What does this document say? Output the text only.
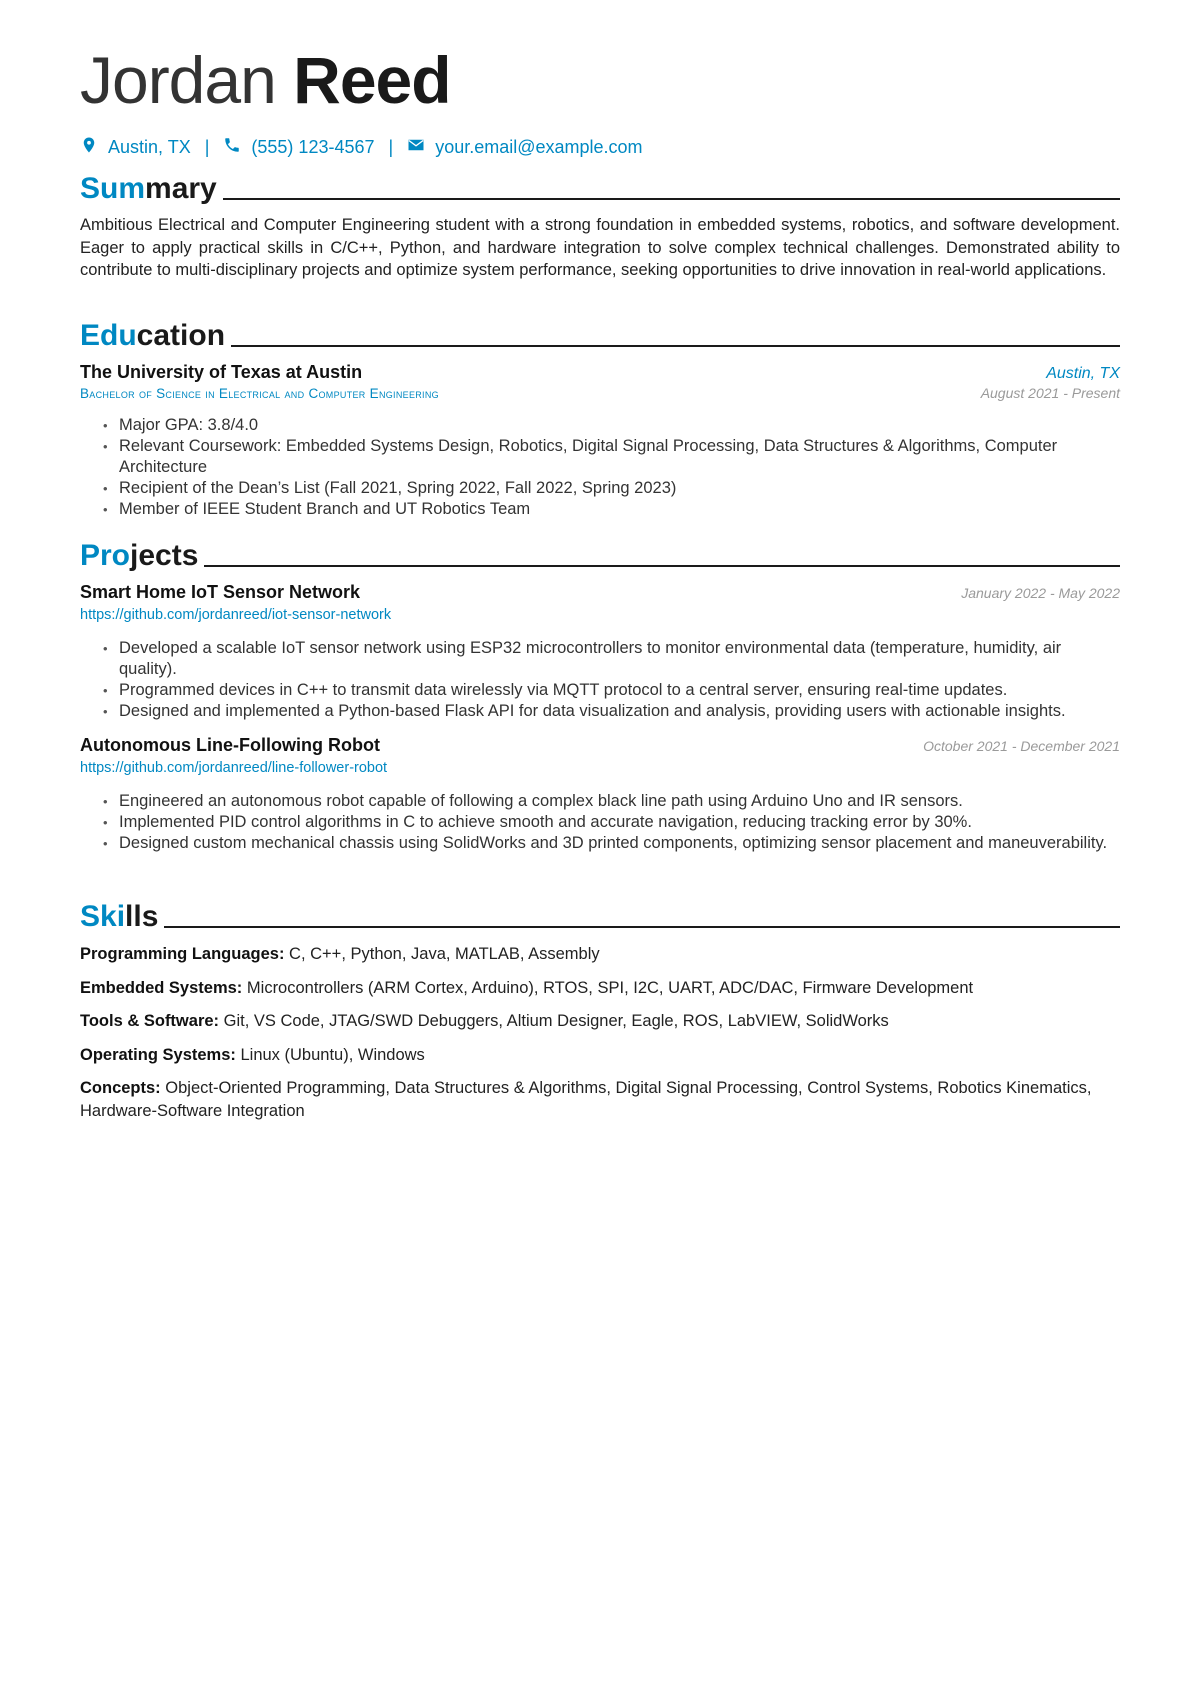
Jordan Reed
Austin, TX | (555) 123-4567 | your.email@example.com
Summary
Ambitious Electrical and Computer Engineering student with a strong foundation in embedded systems, robotics, and software development. Eager to apply practical skills in C/C++, Python, and hardware integration to solve complex technical challenges. Demonstrated ability to contribute to multi-disciplinary projects and optimize system performance, seeking opportunities to drive innovation in real-world applications.
Education
The University of Texas at Austin	Austin, TX
Bachelor of Science in Electrical and Computer Engineering	August 2021 - Present
• Major GPA: 3.8/4.0
• Relevant Coursework: Embedded Systems Design, Robotics, Digital Signal Processing, Data Structures & Algorithms, Computer Architecture
• Recipient of the Dean’s List (Fall 2021, Spring 2022, Fall 2022, Spring 2023)
• Member of IEEE Student Branch and UT Robotics Team
Projects
Smart Home IoT Sensor Network	January 2022 - May 2022
https://github.com/jordanreed/iot-sensor-network
• Developed a scalable IoT sensor network using ESP32 microcontrollers to monitor environmental data (temperature, humidity, air quality).
• Programmed devices in C++ to transmit data wirelessly via MQTT protocol to a central server, ensuring real-time updates.
• Designed and implemented a Python-based Flask API for data visualization and analysis, providing users with actionable insights.
Autonomous Line-Following Robot	October 2021 - December 2021
https://github.com/jordanreed/line-follower-robot
• Engineered an autonomous robot capable of following a complex black line path using Arduino Uno and IR sensors.
• Implemented PID control algorithms in C to achieve smooth and accurate navigation, reducing tracking error by 30%.
• Designed custom mechanical chassis using SolidWorks and 3D printed components, optimizing sensor placement and maneuverability.
Skills
Programming Languages: C, C++, Python, Java, MATLAB, Assembly
Embedded Systems: Microcontrollers (ARM Cortex, Arduino), RTOS, SPI, I2C, UART, ADC/DAC, Firmware Development
Tools & Software: Git, VS Code, JTAG/SWD Debuggers, Altium Designer, Eagle, ROS, LabVIEW, SolidWorks
Operating Systems: Linux (Ubuntu), Windows
Concepts: Object-Oriented Programming, Data Structures & Algorithms, Digital Signal Processing, Control Systems, Robotics Kinematics, Hardware-Software Integration
